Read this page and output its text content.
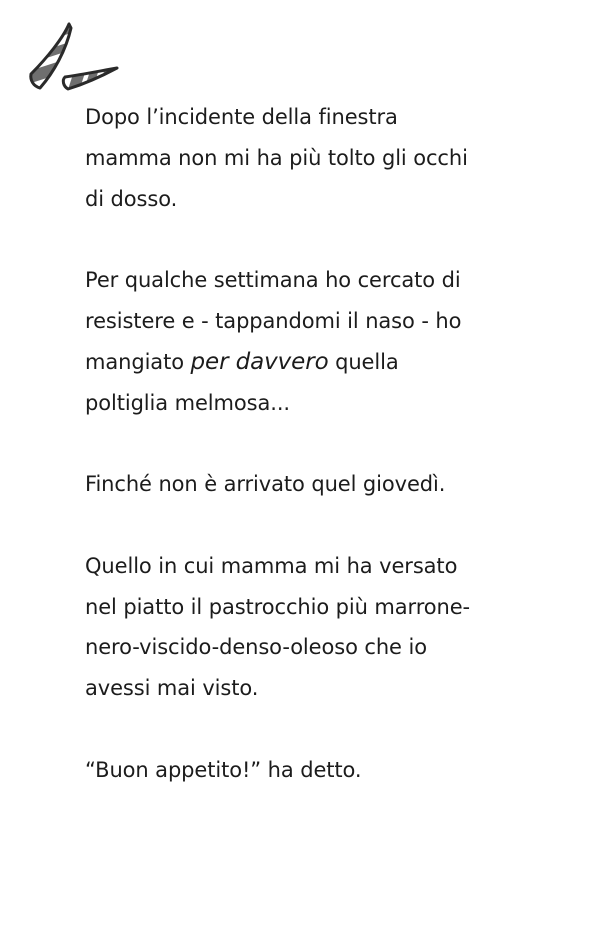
Dopo l’incidente della finestra
mamma non mi ha più tolto gli occhi
di dosso.

Per qualche settimana ho cercato di
resistere e - tappandomi il naso - ho
mangiato per davvero quella
poltiglia melmosa...

Finché non è arrivato quel giovedì.

Quello in cui mamma mi ha versato
nel piatto il pastrocchio più marrone-
nero-viscido-denso-oleoso che io
avessi mai visto.

“Buon appetito!” ha detto.
